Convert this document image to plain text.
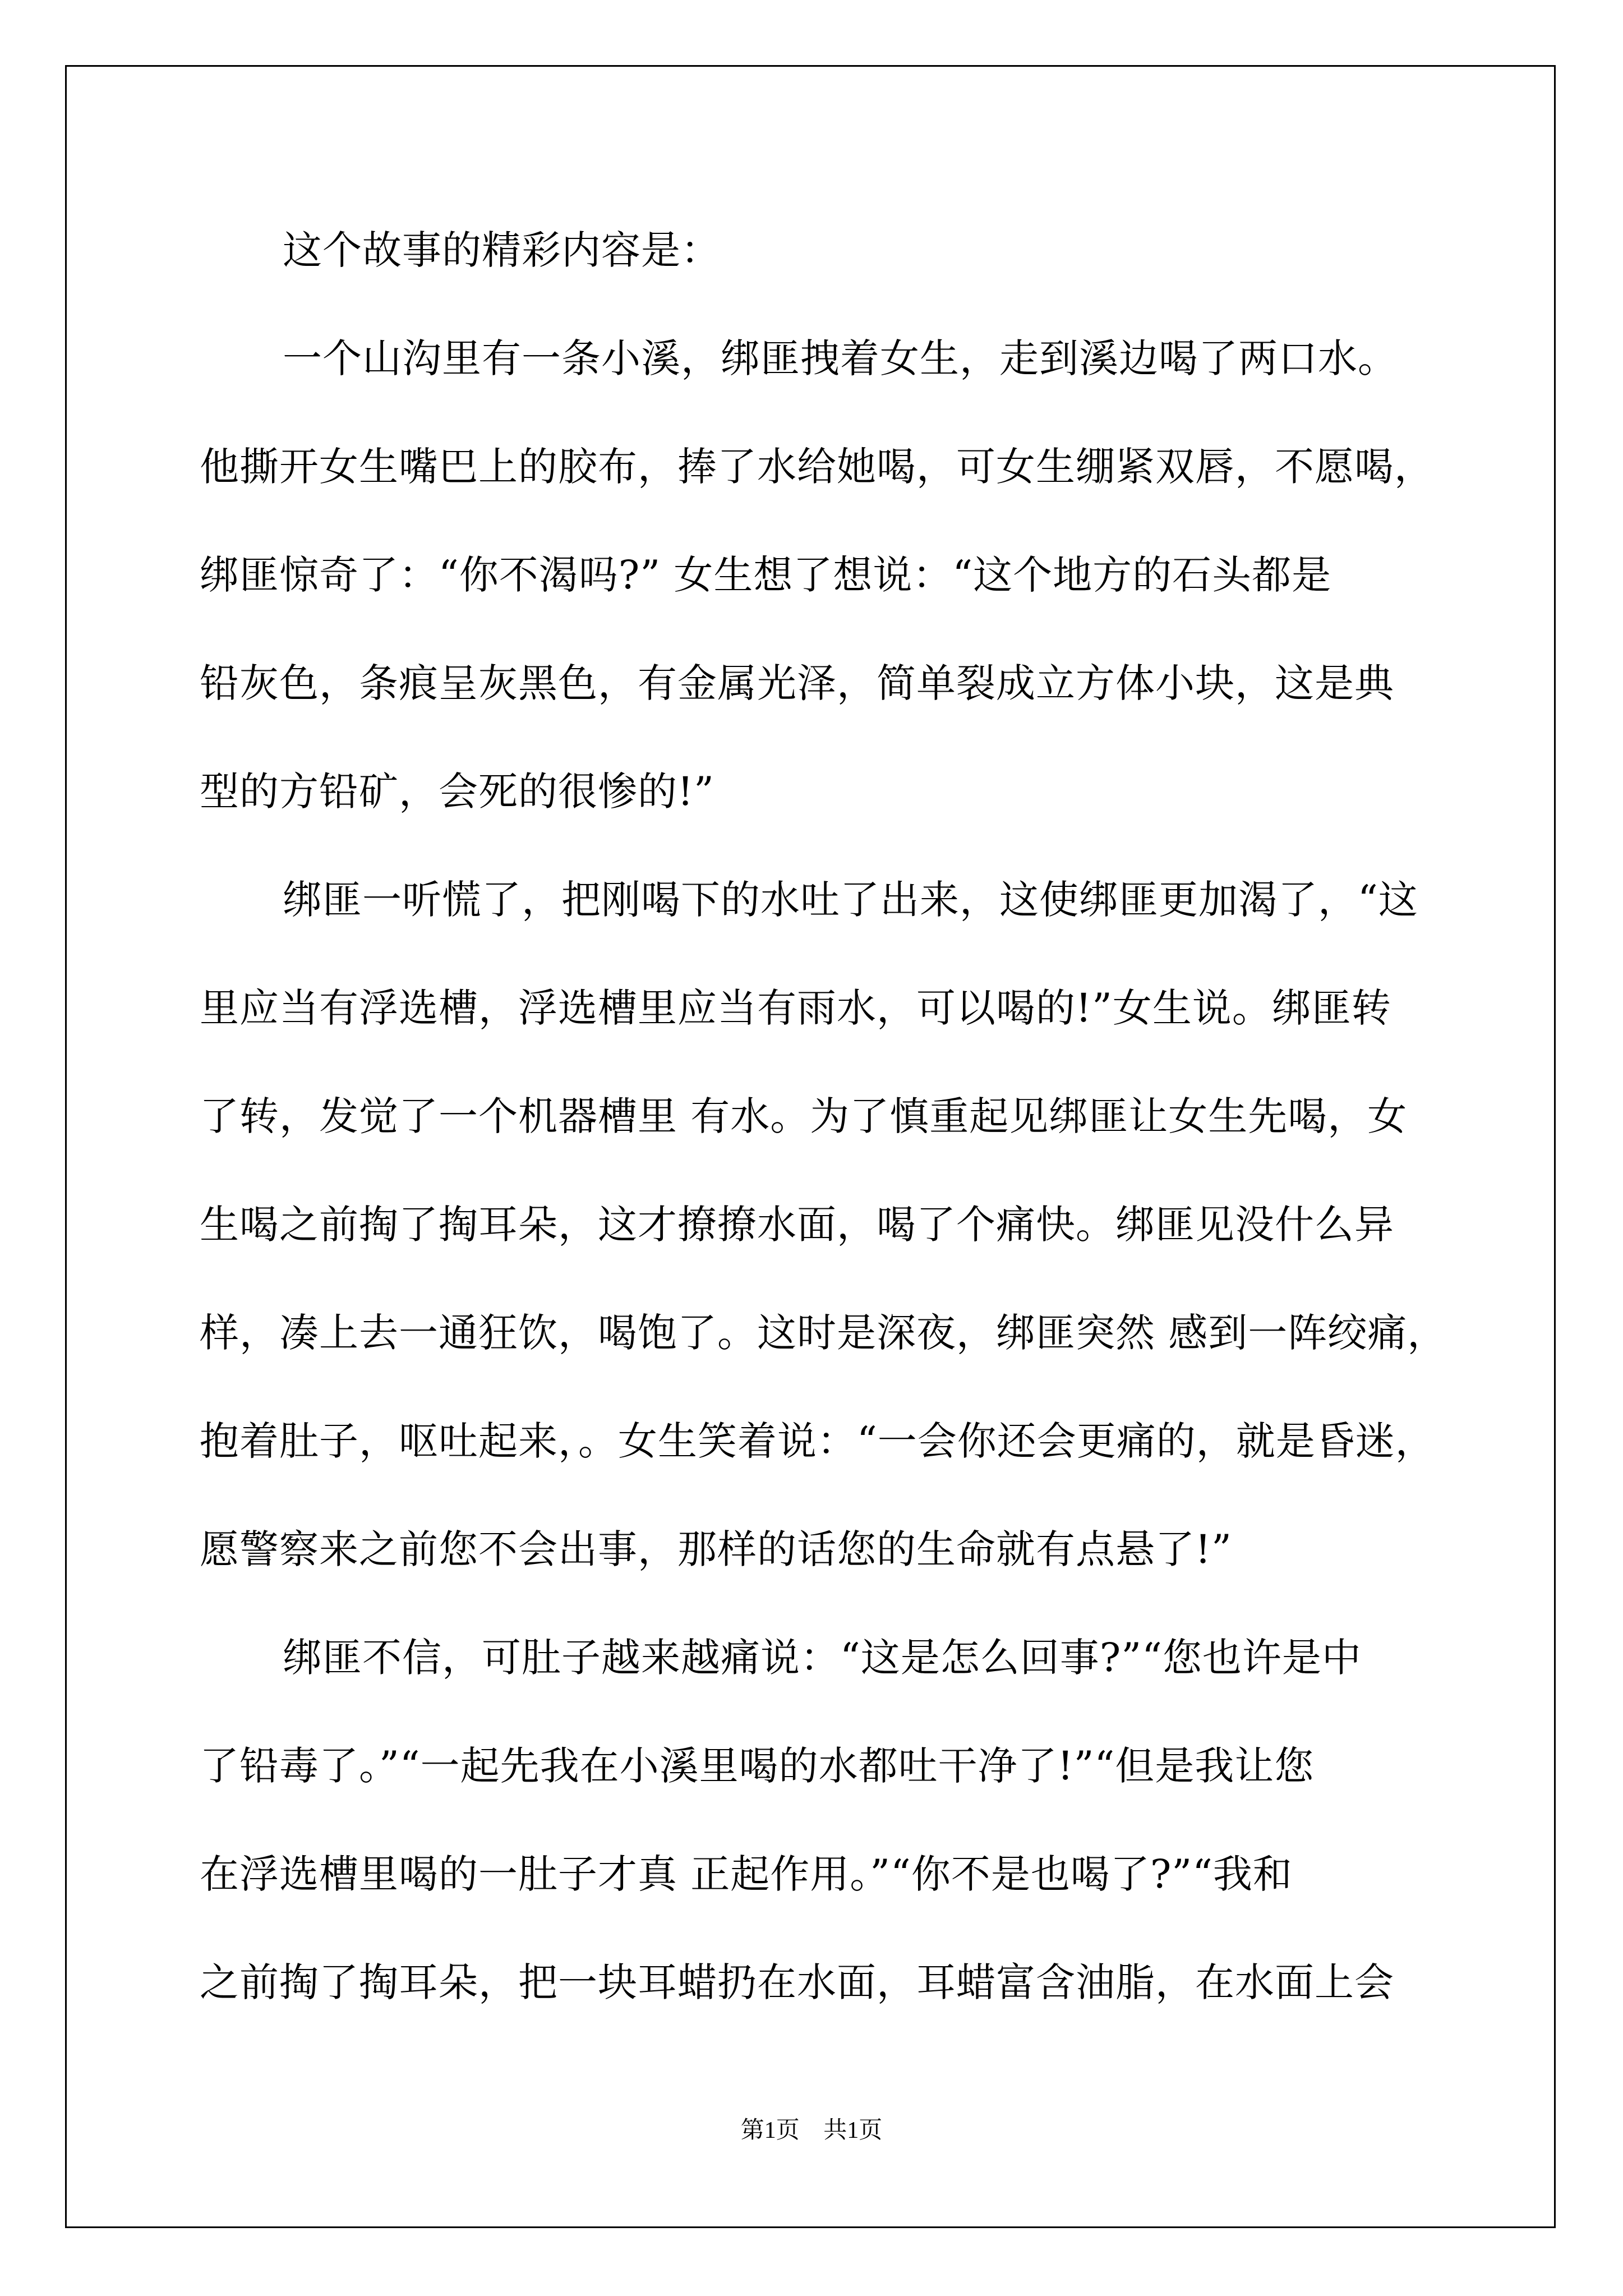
这个故事的精彩内容是：
一个山沟里有一条小溪，绑匪拽着女生，走到溪边喝了两口水。
他撕开女生嘴巴上的胶布，捧了水给她喝，可女生绷紧双唇，不愿喝，
绑匪惊奇了：“你不渴吗?” 女生想了想说：“这个地方的石头都是
铅灰色，条痕呈灰黑色，有金属光泽，简单裂成立方体小块，这是典
型的方铅矿，会死的很惨的!”
绑匪一听慌了，把刚喝下的水吐了出来，这使绑匪更加渴了，“这
里应当有浮选槽，浮选槽里应当有雨水，可以喝的!”女生说。绑匪转
了转，发觉了一个机器槽里 有水。为了慎重起见绑匪让女生先喝，女
生喝之前掏了掏耳朵，这才撩撩水面，喝了个痛快。绑匪见没什么异
样，凑上去一通狂饮，喝饱了。这时是深夜，绑匪突然 感到一阵绞痛，
抱着肚子，呕吐起来，。女生笑着说：“一会你还会更痛的，就是昏迷，
愿警察来之前您不会出事，那样的话您的生命就有点悬了!”
绑匪不信，可肚子越来越痛说：“这是怎么回事?”“您也许是中
了铅毒了。”“一起先我在小溪里喝的水都吐干净了!”“但是我让您
在浮选槽里喝的一肚子才真 正起作用。”“你不是也喝了?”“我和
之前掏了掏耳朵，把一块耳蜡扔在水面，耳蜡富含油脂，在水面上会
第1页 共1页
